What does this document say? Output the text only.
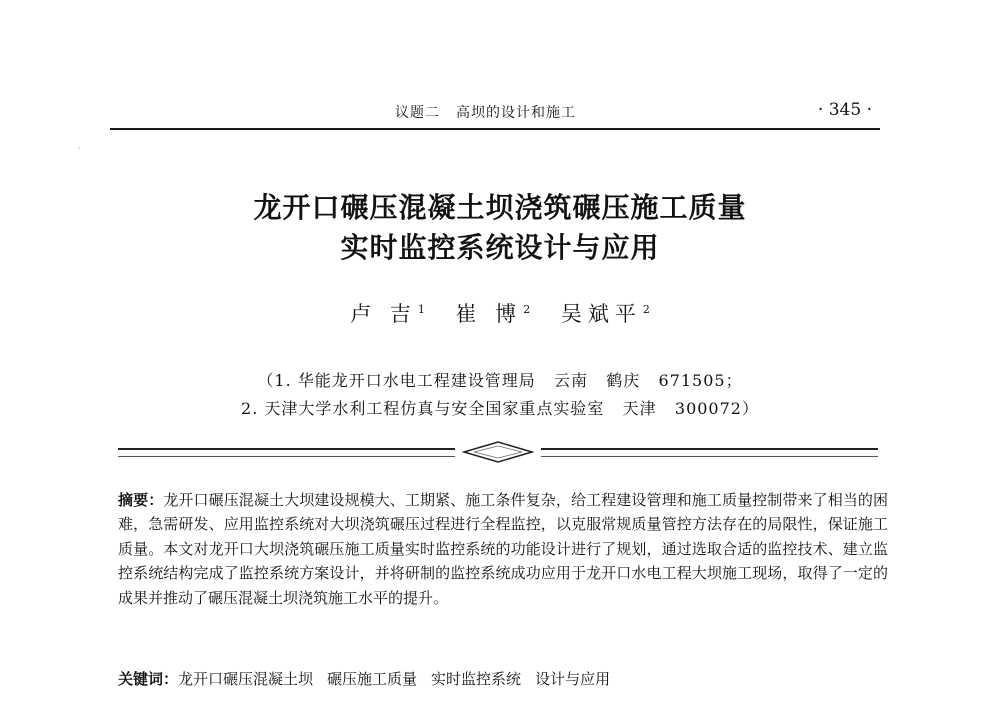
议题二 高坝的设计和施工	· 345 ·
·
龙开口碾压混凝土坝浇筑碾压施工质量
实时监控系统设计与应用
卢 吉$^1$ 崔 博$^2$ 吴斌平$^2$
（1. 华能龙开口水电工程建设管理局   云南   鹤庆   671505；
2. 天津大学水利工程仿真与安全国家重点实验室   天津   300072）
摘要：龙开口碾压混凝土大坝建设规模大、工期紧、施工条件复杂，给工程建设管理和施工质量控制带来了相当的困难，急需研发、应用监控系统对大坝浇筑碾压过程进行全程监控，以克服常规质量管控方法存在的局限性，保证施工质量。本文对龙开口大坝浇筑碾压施工质量实时监控系统的功能设计进行了规划，通过选取合适的监控技术、建立监控系统结构完成了监控系统方案设计，并将研制的监控系统成功应用于龙开口水电工程大坝施工现场，取得了一定的成果并推动了碾压混凝土坝浇筑施工水平的提升。
关键词：龙开口碾压混凝土坝 碾压施工质量 实时监控系统 设计与应用
